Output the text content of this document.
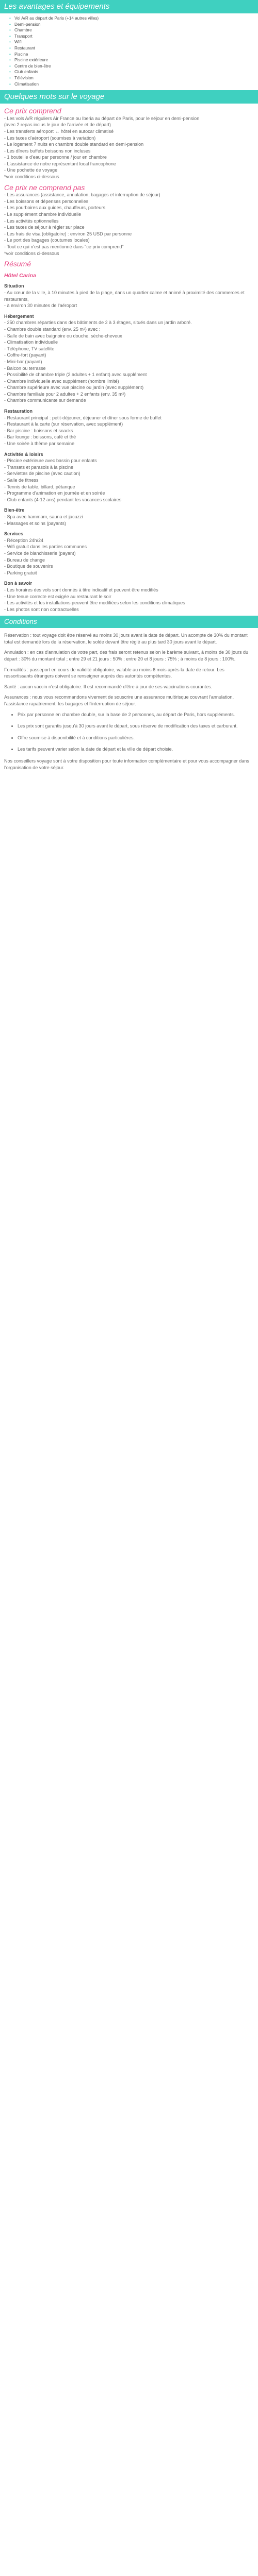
Les avantages et équipements
• Vol A/R au départ de Paris (+14 autres villes)
• Demi-pension
• Chambre
• Transport
• Wifi
• Restaurant
• Piscine
• Piscine extérieure
• Centre de bien-être
• Club enfants
• Télévision
• Climatisation
Quelques mots sur le voyage
Ce prix comprend
- Les vols A/R réguliers Air France ou Iberia au départ de Paris, pour le séjour en demi-pension
(avec 2 repas inclus le jour de l'arrivée et de départ)
- Les transferts aéroport ↔ hôtel en autocar climatisé
- Les taxes d'aéroport (soumises à variation)
- Le logement 7 nuits en chambre double standard en demi-pension
- Les dîners buffets boissons non incluses
- 1 bouteille d'eau par personne / jour en chambre
- L'assistance de notre représentant local francophone
- Une pochette de voyage
*voir conditions ci-dessous
Ce prix ne comprend pas
- Les assurances (assistance, annulation, bagages et interruption de séjour)
- Les boissons et dépenses personnelles
- Les pourboires aux guides, chauffeurs, porteurs
- Le supplément chambre individuelle
- Les activités optionnelles
- Les taxes de séjour à régler sur place
- Les frais de visa (obligatoire) : environ 25 USD par personne
- Le port des bagages (coutumes locales)
- Tout ce qui n'est pas mentionné dans "ce prix comprend"
*voir conditions ci-dessous
Résumé
Hôtel Carina
Situation
- Au cœur de la ville, à 10 minutes à pied de la plage, dans un quartier calme et animé à proximité des commerces et restaurants,
- à environ 30 minutes de l'aéroport
Hébergement
- 250 chambres réparties dans des bâtiments de 2 à 3 étages, situés dans un jardin arboré.
- Chambre double standard (env. 25 m²) avec :
- Salle de bain avec baignoire ou douche, sèche-cheveux
- Climatisation individuelle
- Téléphone, TV satellite
- Coffre-fort (payant)
- Mini-bar (payant)
- Balcon ou terrasse
- Possibilité de chambre triple (2 adultes + 1 enfant) avec supplément
- Chambre individuelle avec supplément (nombre limité)
- Chambre supérieure avec vue piscine ou jardin (avec supplément)
- Chambre familiale pour 2 adultes + 2 enfants (env. 35 m²)
- Chambre communicante sur demande
Restauration
- Restaurant principal : petit-déjeuner, déjeuner et dîner sous forme de buffet
- Restaurant à la carte (sur réservation, avec supplément)
- Bar piscine : boissons et snacks
- Bar lounge : boissons, café et thé
- Une soirée à thème par semaine
Activités & loisirs
- Piscine extérieure avec bassin pour enfants
- Transats et parasols à la piscine
- Serviettes de piscine (avec caution)
- Salle de fitness
- Tennis de table, billard, pétanque
- Programme d'animation en journée et en soirée
- Club enfants (4-12 ans) pendant les vacances scolaires
Bien-être
- Spa avec hammam, sauna et jacuzzi
- Massages et soins (payants)
Services
- Réception 24h/24
- Wifi gratuit dans les parties communes
- Service de blanchisserie (payant)
- Bureau de change
- Boutique de souvenirs
- Parking gratuit
Bon à savoir
- Les horaires des vols sont donnés à titre indicatif et peuvent être modifiés
- Une tenue correcte est exigée au restaurant le soir
- Les activités et les installations peuvent être modifiées selon les conditions climatiques
- Les photos sont non contractuelles
Conditions

Réservation : tout voyage doit être réservé au moins 30 jours avant la date de départ. Un acompte de 30% du montant total est demandé lors de la réservation, le solde devant être réglé au plus tard 30 jours avant le départ.

Annulation : en cas d'annulation de votre part, des frais seront retenus selon le barème suivant, à moins de 30 jours du départ : 30% du montant total ; entre 29 et 21 jours : 50% ; entre 20 et 8 jours : 75% ; à moins de 8 jours : 100%.

Formalités : passeport en cours de validité obligatoire, valable au moins 6 mois après la date de retour. Les ressortissants étrangers doivent se renseigner auprès des autorités compétentes.

Santé : aucun vaccin n'est obligatoire. Il est recommandé d'être à jour de ses vaccinations courantes.

Assurances : nous vous recommandons vivement de souscrire une assurance multirisque couvrant l'annulation, l'assistance rapatriement, les bagages et l'interruption de séjour.

• Prix par personne en chambre double, sur la base de 2 personnes, au départ de Paris, hors suppléments.
• Les prix sont garantis jusqu'à 30 jours avant le départ, sous réserve de modification des taxes et carburant.
• Offre soumise à disponibilité et à conditions particulières.
• Les tarifs peuvent varier selon la date de départ et la ville de départ choisie.

Nos conseillers voyage sont à votre disposition pour toute information complémentaire et pour vous accompagner dans l'organisation de votre séjour.
